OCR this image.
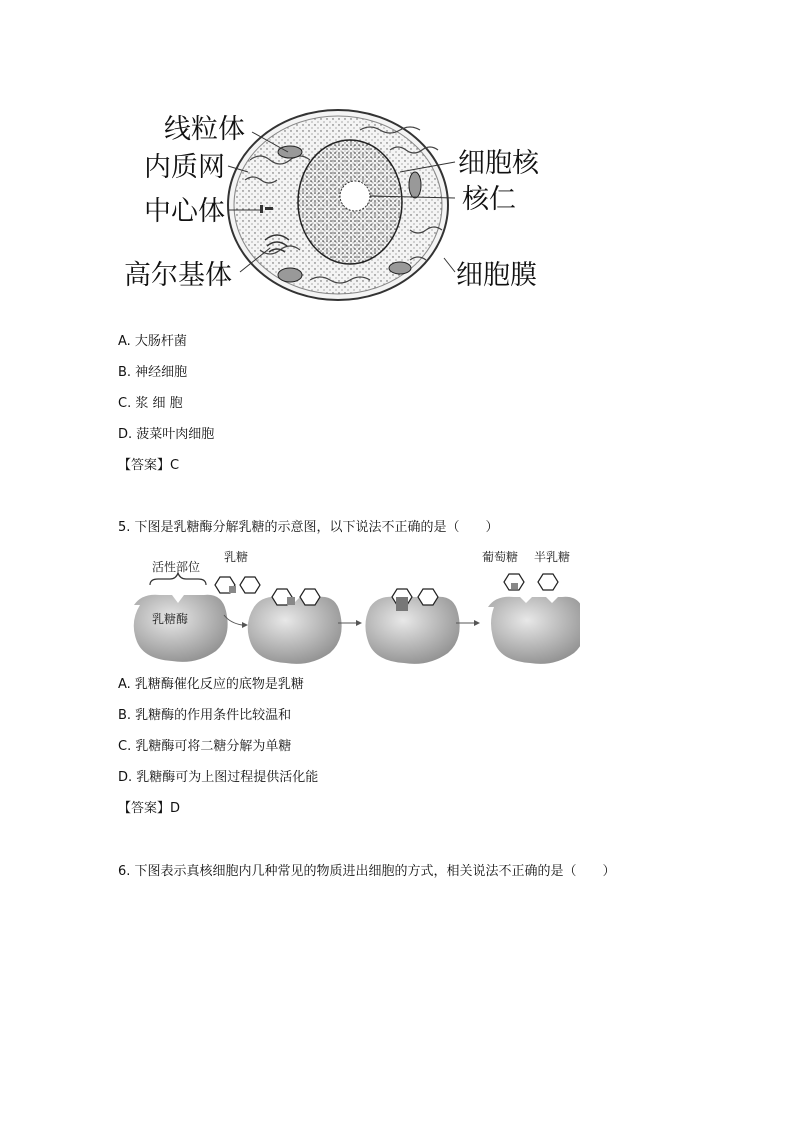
线粒体
内质网
中心体
高尔基体
细胞核
核仁
细胞膜
A. 大肠杆菌
B. 神经细胞
C. 浆 细 胞
D. 菠菜叶肉细胞
【答案】C
5. 下图是乳糖酶分解乳糖的示意图，以下说法不正确的是（　　）
活性部位
乳糖	葡萄糖 半乳糖
乳糖酶
A. 乳糖酶催化反应的底物是乳糖
B. 乳糖酶的作用条件比较温和
C. 乳糖酶可将二糖分解为单糖
D. 乳糖酶可为上图过程提供活化能
【答案】D
6. 下图表示真核细胞内几种常见的物质进出细胞的方式，相关说法不正确的是（　　）
